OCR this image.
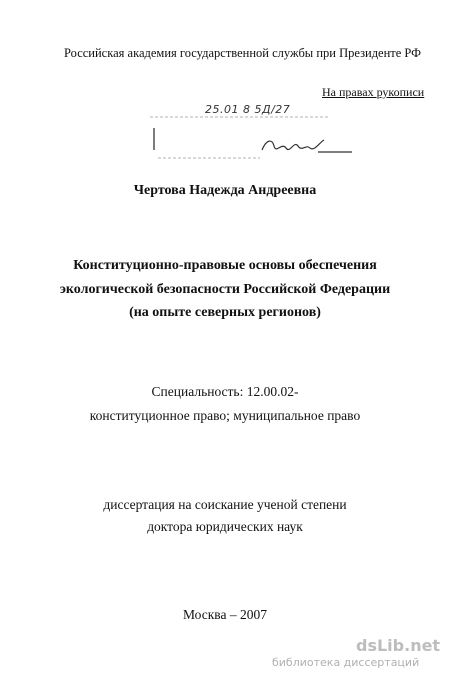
Российская академия государственной службы при Президенте РФ
На правах рукописи
25.01 8 5Д/27
Чертова Надежда Андреевна
Конституционно-правовые основы обеспечения
экологической безопасности Российской Федерации
(на опыте северных регионов)
Специальность: 12.00.02-
конституционное право; муниципальное право
диссертация на соискание ученой степени
доктора юридических наук
Москва – 2007
dsLib.net
библиотека диссертаций
